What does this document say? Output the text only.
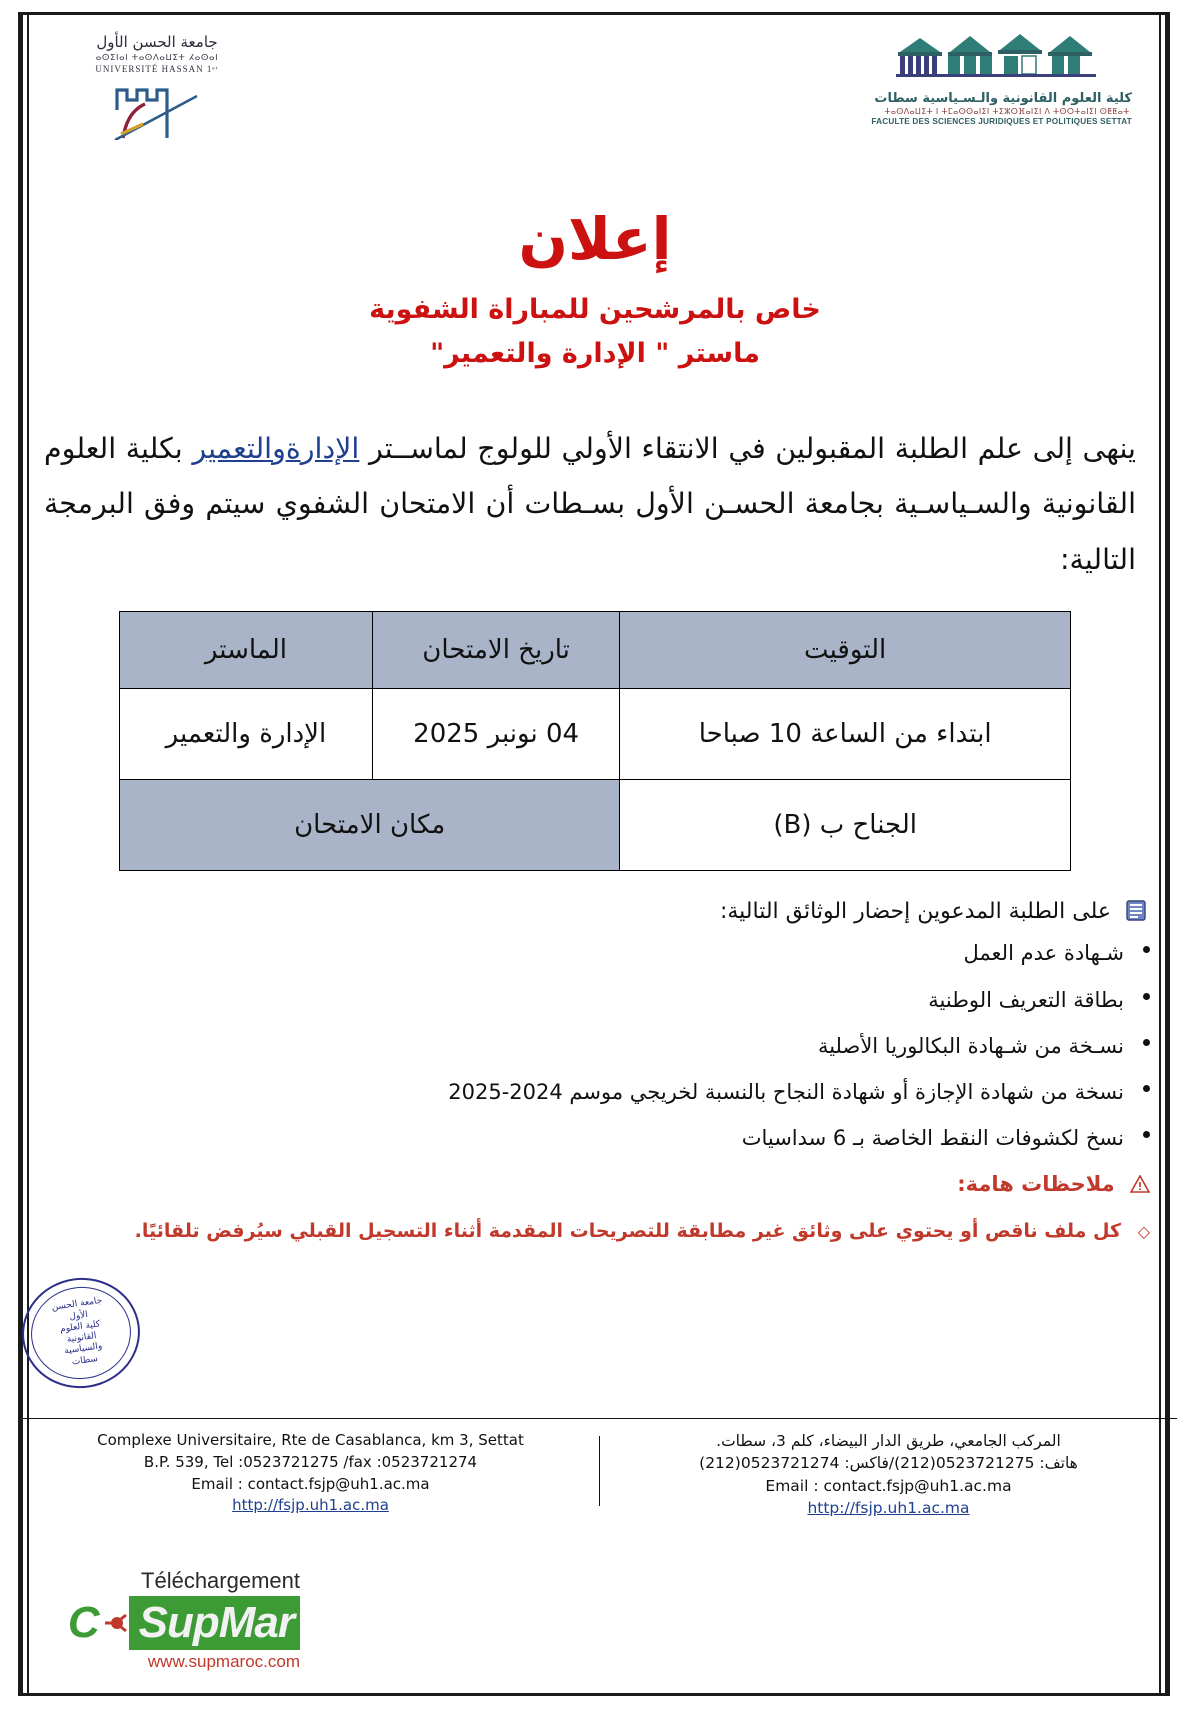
جامعة الحسن الأول
ⴰⵙⵉⵏⴰⵏ ⵜⴰⵙⴷⴰⵡⵉⵜ ⵃⴰⵙⴰⵏ
UNIVERSITÉ HASSAN 1ᵉʳ
كلية العلوم القانونية والـسـياسية سطات
ⵜⴰⵙⴷⴰⵡⵉⵜ ⵏ ⵜⵎⴰⵙⵙⴰⵏⵉⵏ ⵜⵉⵣⵔⴼⴰⵏⵉⵏ ⴷ ⵜⵙⵔⵜⴰⵏⵉⵏ ⵙⵟⵟⴰⵜ
FACULTE DES SCIENCES JURIDIQUES ET POLITIQUES SETTAT
إعلان
خاص بالمرشحين للمباراة الشفوية
ماستر " الإدارة والتعمير"
ينهى إلى علم الطلبة المقبولين في الانتقاء الأولي للولوج لماســتر الإدارةوالتعمير بكلية العلوم القانونية والسـياسـية بجامعة الحسـن الأول بسـطات أن الامتحان الشفوي سيتم وفق البرمجة التالية:
التوقيت	تاريخ الامتحان	الماستر
ابتداء من الساعة 10 صباحا	04 نونبر 2025	الإدارة والتعمير
الجناح ب (B)	مكان الامتحان	
على الطلبة المدعوين إحضار الوثائق التالية:
شـهادة عدم العمل
بطاقة التعريف الوطنية
نسـخة من شـهادة البكالوريا الأصلية
نسخة من شهادة الإجازة أو شهادة النجاح بالنسبة لخريجي موسم 2024-2025
نسخ لكشوفات النقط الخاصة بـ 6 سداسيات
ملاحظات هامة:
◇ كل ملف ناقص أو يحتوي على وثائق غير مطابقة للتصريحات المقدمة أثناء التسجيل القبلي سيُرفض تلقائيًا.
جامعة الحسن
الأول
كلية العلوم
القانونية
والسياسية
سطات
Complexe Universitaire, Rte de Casablanca, km 3, Settat
B.P. 539, Tel :0523721275 /fax :0523721274
Email : contact.fsjp@uh1.ac.ma
http://fsjp.uh1.ac.ma
المركب الجامعي، طريق الدار البيضاء، كلم 3، سطات.
هاتف: 0523721275(212)/فاكس: 0523721274(212)
Email : contact.fsjp@uh1.ac.ma
http://fsjp.uh1.ac.ma
Téléchargement
SupMar
C
www.supmaroc.com
